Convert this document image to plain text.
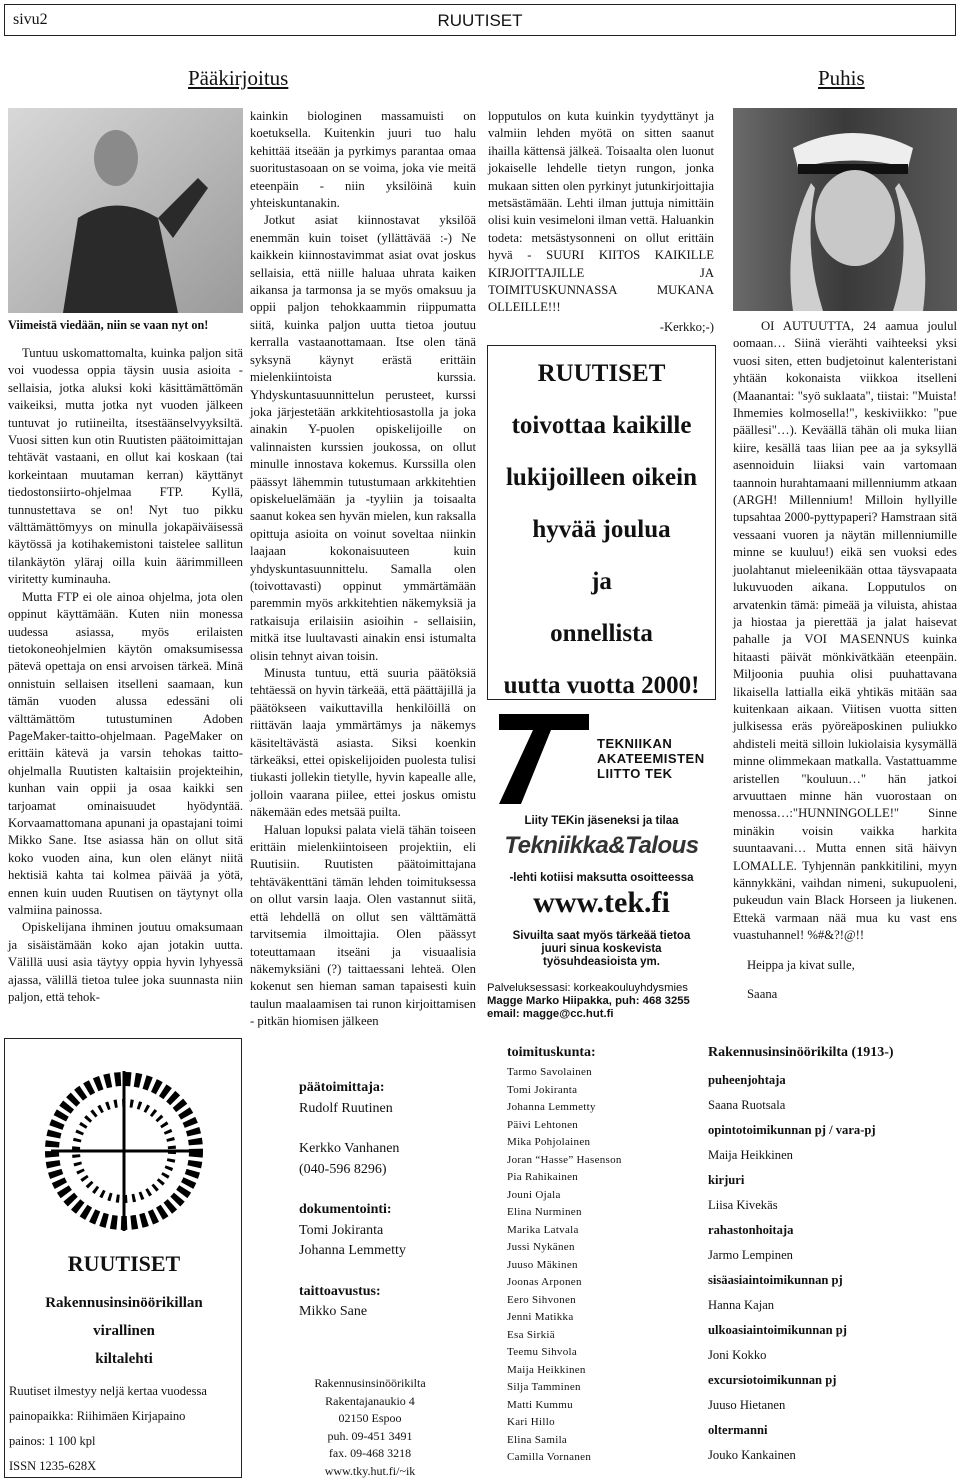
sivu2	RUUTISET
Pääkirjoitus	Puhis
Viimeistä viedään, niin se vaan nyt on!

Tuntuu uskomattomalta, kuinka paljon sitä voi vuodessa oppia täysin uusia asioita - sellaisia, jotka aluksi koki käsittämättömän vaikeiksi, mutta jotka nyt vuoden jälkeen tuntuvat jo rutiineilta, itsestäänselvyyksiltä. Vuosi sitten kun otin Ruutisten päätoimittajan tehtävät vastaani, en ollut kai koskaan (tai korkeintaan muutaman kerran) käyttänyt tiedostonsiirto-ohjelmaa FTP. Kyllä, tunnustettava se on! Nyt tuo pikku välttämättömyys on minulla jokapäiväisessä käytössä ja kotihakemistoni taistelee sallitun tilankäytön yläraj oilla kuin äärimmilleen viritetty kuminauha.

Mutta FTP ei ole ainoa ohjelma, jota olen oppinut käyttämään. Kuten niin monessa uudessa asiassa, myös erilaisten tietokoneohjelmien käytön omaksumisessa pätevä opettaja on ensi arvoisen tärkeä. Minä onnistuin sellaisen itselleni saamaan, kun tämän vuoden alussa edessäni oli välttämättöm tutustuminen Adoben PageMaker-taitto-ohjelmaan. PageMaker on erittäin kätevä ja varsin tehokas taitto-ohjelmalla Ruutisten kaltaisiin projekteihin, kunhan vain oppii ja osaa kaikki sen tarjoamat ominaisuudet hyödyntää. Korvaamattomana apunani ja opastajani toimi Mikko Sane. Itse asiassa hän on ollut sitä koko vuoden aina, kun olen elänyt niitä hektisiä kahta tai kolmea päivää ja yötä, ennen kuin uuden Ruutisen on täytynyt olla valmiina painossa.

Opiskelijana ihminen joutuu omaksumaan ja sisäistämään koko ajan jotakin uutta. Välillä uusi asia täytyy oppia hyvin lyhyessä ajassa, välillä tietoa tulee joka suunnasta niin paljon, että tehok-

kainkin biologinen massamuisti on koetuksella. Kuitenkin juuri tuo halu kehittää itseään ja pyrkimys parantaa omaa suoritustasoaan on se voima, joka vie meitä eteenpäin - niin yksilöinä kuin yhteiskuntanakin.

Jotkut asiat kiinnostavat yksilöä enemmän kuin toiset (yllättävää :-) Ne kaikkein kiinnostavimmat asiat ovat joskus sellaisia, että niille haluaa uhrata kaiken aikansa ja tarmonsa ja se myös omaksuu ja oppii paljon tehokkaammin riippumatta siitä, kuinka paljon uutta tietoa joutuu kerralla vastaanottamaan. Itse olen tänä syksynä käynyt erästä erittäin mielenkiintoista kurssia. Yhdyskuntasuunnittelun perusteet, kurssi joka järjestetään arkkitehtiosastolla ja joka ainakin Y-puolen opiskelijoille on valinnaisten kurssien joukossa, on ollut minulle innostava kokemus. Kurssilla olen päässyt lähemmin tutustumaan arkkitehtien opiskeluelämään ja -tyyliin ja toisaalta saanut kokea sen hyvän mielen, kun raksalla opittuja asioita on voinut soveltaa niinkin laajaan kokonaisuuteen kuin yhdyskuntasuunnittelu. Samalla olen (toivottavasti) oppinut ymmärtämään paremmin myös arkkitehtien näkemyksiä ja ratkaisuja erilaisiin asioihin - sellaisiin, mitkä itse luultavasti ainakin ensi istumalta olisin tehnyt aivan toisin.

Minusta tuntuu, että suuria päätöksiä tehtäessä on hyvin tärkeää, että päättäjillä ja päätökseen vaikuttavilla henkilöillä on riittävän laaja ymmärtämys ja näkemys käsiteltävästä asiasta. Siksi koenkin tärkeäksi, ettei opiskelijoiden puolesta tulisi tiukasti jollekin tietylle, hyvin kapealle alle, jolloin vaarana piilee, ettei joskus omistu näkemään edes metsää puilta.

Haluan lopuksi palata vielä tähän toiseen erittäin mielenkiintoiseen projektiin, eli Ruutisiin. Ruutisten päätoimittajana tehtäväkenttäni tämän lehden toimituksessa on ollut varsin laaja. Olen vastannut siitä, että lehdellä on ollut sen välttämättä tarvitsemia ilmoittajia. Olen päässyt toteuttamaan itseäni ja visuaalisia näkemyksiäni (?) taittaessani lehteä. Olen kokenut sen hieman saman tapaisesti kuin taulun maalaamisen tai runon kirjoittamisen - pitkän hiomisen jälkeen

lopputulos on kuta kuinkin tyydyttänyt ja valmiin lehden myötä on sitten saanut ihailla kättensä jälkeä. Toisaalta olen luonut jokaiselle lehdelle tietyn rungon, jonka mukaan sitten olen pyrkinyt jutunkirjoittajia metsästämään. Lehti ilman juttuja nimittäin olisi kuin vesimeloni ilman vettä. Haluankin todeta: metsästysonneni on ollut erittäin hyvä - SUURI KIITOS KAIKILLE KIRJOITTAJILLE JA TOIMITUSKUNNASSA MUKANA OLLEILLE!!!

-Kerkko;-)

RUUTISET
toivottaa kaikille
lukijoilleen oikein
hyvää joulua
ja
onnellista
uutta vuotta 2000!
TEKNIIKAN
AKATEEMISTEN
LIITTO TEK
Liity TEKin jäseneksi ja tilaa
Tekniikka&Talous
-lehti kotiisi maksutta osoitteessa
www.tek.fi
Sivuilta saat myös tärkeää tietoa
juuri sinua koskevista
työsuhdeasioista ym.
Palveluksessasi: korkeakouluyhdysmies
Magge Marko Hiipakka, puh: 468 3255
email: magge@cc.hut.fi

OI AUTUUTTA, 24 aamua joulul oomaan… Siinä vierähti vaihteeksi yksi vuosi siten, etten budjetoinut kalenteristani yhtään kokonaista viikkoa itselleni (Maanantai: "syö suklaata", tiistai: "Muista! Ihmemies kolmosella!", keskiviikko: "pue päällesi"…). Keväällä tähän oli muka liian kiire, kesällä taas liian pee aa ja syksyllä asennoiduin liiaksi vain vartomaan taannoin hurahtamaani millenniumm atkaan (ARGH! Millennium! Milloin hyllyille tupsahtaa 2000-pyttypaperi? Hamstraan sitä vessaani vuoren ja näytän millenniumille minne se kuuluu!) eikä sen vuoksi edes juolahtanut mieleenikään ottaa täysvapaata lukuvuoden aikana. Lopputulos on arvatenkin tämä: pimeää ja viluista, ahistaa ja hiostaa ja pierettää ja jalat haisevat pahalle ja VOI MASENNUS kuinka hitaasti päivät mönkivätkään eteenpäin. Miljoonia puuhia olisi puuhattavana likaisella lattialla eikä yhtikäs mitään saa kuitenkaan aikaan. Viitisen vuotta sitten julkisessa eräs pyöreäposkinen puliukko ahdisteli meitä silloin lukiolaisia kysymällä minne olimmekaan matkalla. Vastattuamme aristellen "kouluun…" hän jatkoi arvuuttaen minne hän vuorostaan on menossa…:"HUNNINGOLLE!" Sinne minäkin voisin vaikka harkita suuntaavani… Mutta ennen sitä häivyn LOMALLE. Tyhjennän pankkitilini, myyn kännykkäni, vaihdan nimeni, sukupuoleni, pukeudun vain Black Horseen ja liukenen. Ettekä varmaan nää mua ku vast ens vuastuhannel! %#&?!@!!

Heippa ja kivat sulle,

Saana

RUUTISET
Rakennusinsinöörikillan
virallinen
kiltalehti
Ruutiset ilmestyy neljä kertaa vuodessa
painopaikka: Riihimäen Kirjapaino
painos: 1 100 kpl
ISSN 1235-628X
päätoimittaja:
Rudolf Ruutinen
Kerkko Vanhanen
(040-596 8296)
dokumentointi:
Tomi Jokiranta
Johanna Lemmetty
taittoavustus:
Mikko Sane
Rakennusinsinöörikilta
Rakentajanaukio 4
02150 Espoo
puh. 09-451 3491
fax. 09-468 3218
www.tky.hut.fi/~ik
toimituskunta:
Tarmo Savolainen
Tomi Jokiranta
Johanna Lemmetty
Päivi Lehtonen
Mika Pohjolainen
Joran “Hasse” Hasenson
Pia Rahikainen
Jouni Ojala
Elina Nurminen
Marika Latvala
Jussi Nykänen
Juuso Mäkinen
Joonas Arponen
Eero Sihvonen
Jenni Matikka
Esa Sirkiä
Teemu Sihvola
Maija Heikkinen
Silja Tamminen
Matti Kummu
Kari Hillo
Elina Samila
Camilla Vornanen
Rakennusinsinöörikilta (1913-)
puheenjohtaja
Saana Ruotsala
opintotoimikunnan pj / vara-pj
Maija Heikkinen
kirjuri
Liisa Kivekäs
rahastonhoitaja
Jarmo Lempinen
sisäasiaintoimikunnan pj
Hanna Kajan
ulkoasiaintoimikunnan pj
Joni Kokko
excursiotoimikunnan pj
Juuso Hietanen
oltermanni
Jouko Kankainen
